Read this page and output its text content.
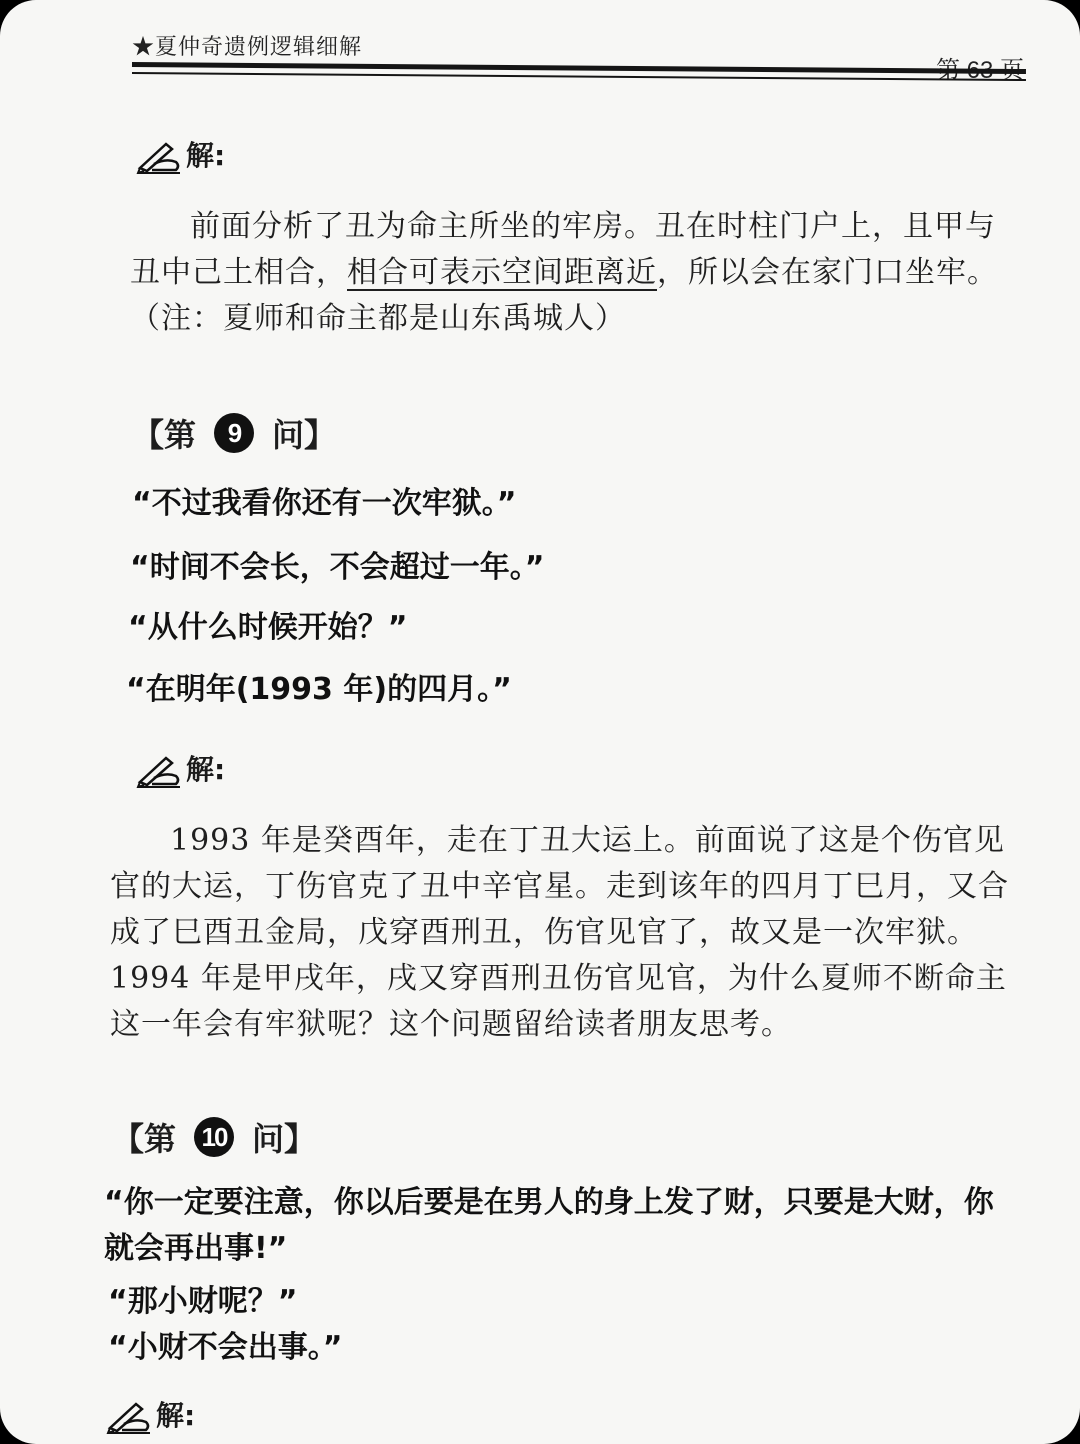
★夏仲奇遗例逻辑细解
解:

前面分析了丑为命主所坐的牢房。丑在时柱门户上，且甲与丑中己土相合，相合可表示空间距离近，所以会在家门口坐牢。（注：夏师和命主都是山东禹城人）

【第	9 问】

“不过我看你还有一次牢狱。”

“时间不会长，不会超过一年。”

“从什么时候开始？”

“在明年(1993 年)的四月。”

解:

1993 年是癸酉年，走在丁丑大运上。前面说了这是个伤官见官的大运，丁伤官克了丑中辛官星。走到该年的四月丁巳月，又合成了巳酉丑金局，戊穿酉刑丑，伤官见官了，故又是一次牢狱。1994 年是甲戌年，戌又穿酉刑丑伤官见官，为什么夏师不断命主这一年会有牢狱呢？这个问题留给读者朋友思考。

【第 10 问】

“你一定要注意，你以后要是在男人的身上发了财，只要是大财，你就会再出事!”

“那小财呢？”

“小财不会出事。”

解:
